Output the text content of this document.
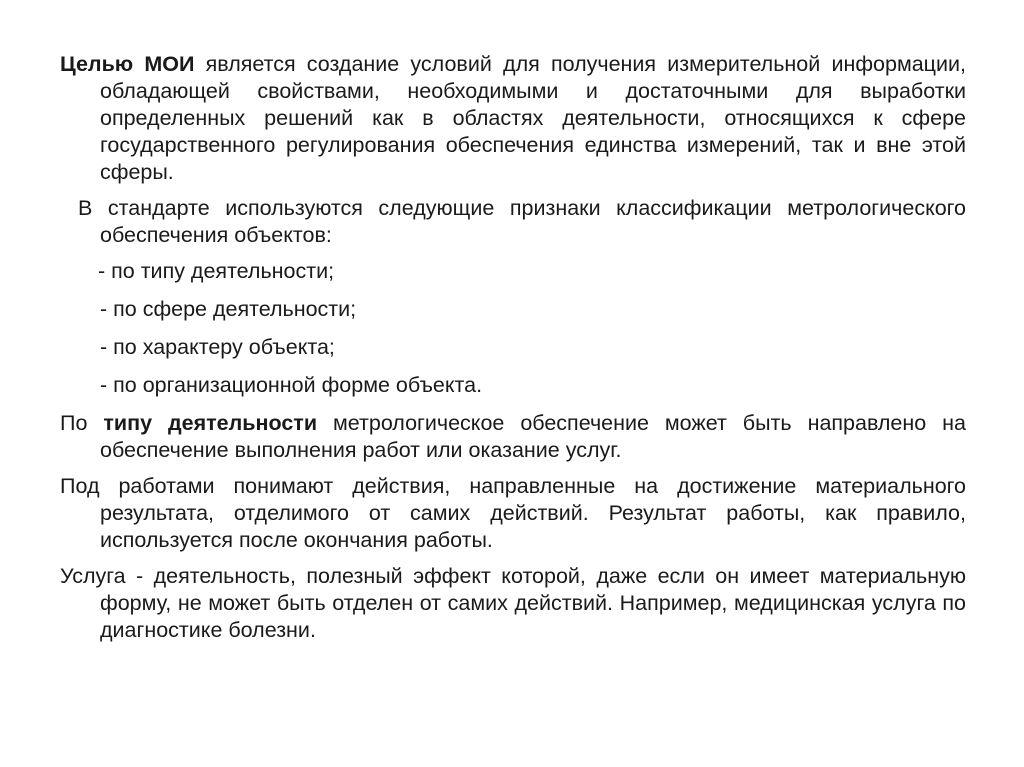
Целью МОИ является создание условий для получения измерительной информации, обладающей свойствами, необходимыми и достаточными для выработки определенных решений как в областях деятельности, относящихся к сфере государственного регулирования обеспечения единства измерений, так и вне этой сферы.

В стандарте используются следующие признаки классификации метрологического обеспечения объектов:

- по типу деятельности;
- по сфере деятельности;
- по характеру объекта;
- по организационной форме объекта.

По типу деятельности метрологическое обеспечение может быть направлено на обеспечение выполнения работ или оказание услуг.

Под работами понимают действия, направленные на достижение материального результата, отделимого от самих действий. Результат работы, как правило, используется после окончания работы.

Услуга - деятельность, полезный эффект которой, даже если он имеет материальную форму, не может быть отделен от самих действий. Например, медицинская услуга по диагностике болезни.
